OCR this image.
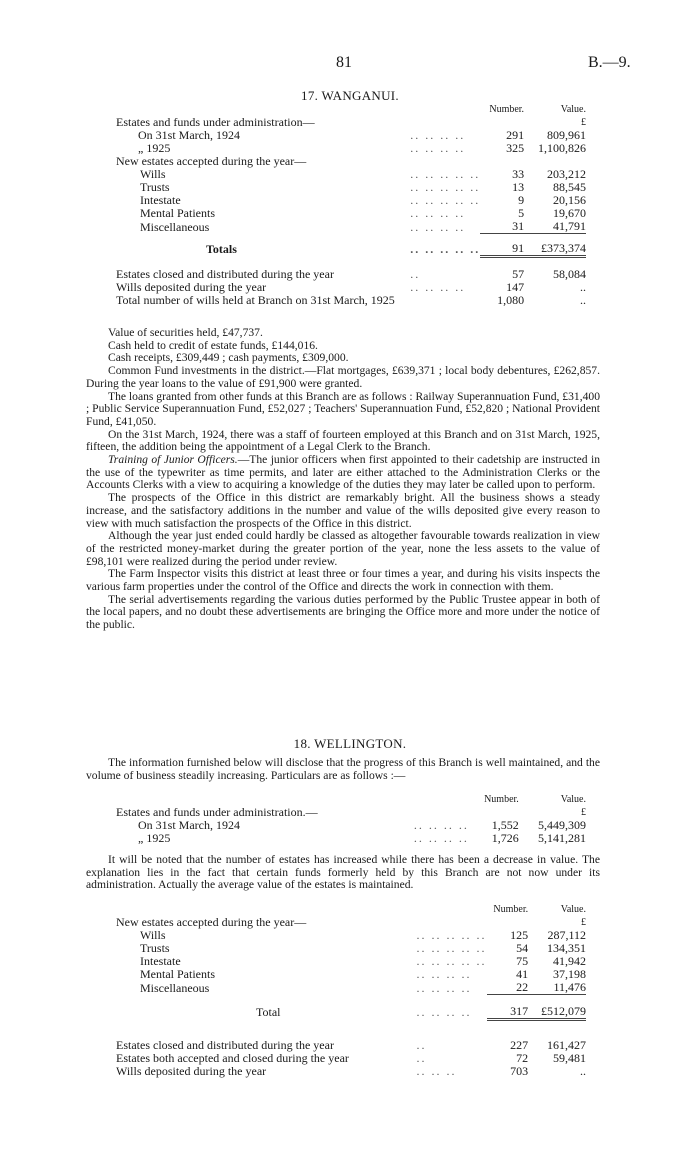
81	B.—9.
17. WANGANUI.
		Number.	Value.
Estates and funds under administration—			£
On 31st March, 1924	.. .. .. ..	291	809,961
„ 1925	.. .. .. ..	325	1,100,826
New estates accepted during the year—			
Wills	.. .. .. .. ..	33	203,212
Trusts	.. .. .. .. ..	13	88,545
Intestate	.. .. .. .. ..	9	20,156
Mental Patients	.. .. .. ..	5	19,670
Miscellaneous	.. .. .. ..	31	41,791

Totals	.. .. .. .. ..	91	£373,374

Estates closed and distributed during the year	..	57	58,084
Wills deposited during the year	.. .. .. ..	147	..
Total number of wills held at Branch on 31st March, 1925		1,080	..

Value of securities held, £47,737.

Cash held to credit of estate funds, £144,016.

Cash receipts, £309,449 ; cash payments, £309,000.

Common Fund investments in the district.—Flat mortgages, £639,371 ; local body debentures, £262,857. During the year loans to the value of £91,900 were granted.

The loans granted from other funds at this Branch are as follows : Railway Superannuation Fund, £31,400 ; Public Service Superannuation Fund, £52,027 ; Teachers' Superannuation Fund, £52,820 ; National Provident Fund, £41,050.

On the 31st March, 1924, there was a staff of fourteen employed at this Branch and on 31st March, 1925, fifteen, the addition being the appointment of a Legal Clerk to the Branch.

Training of Junior Officers.—The junior officers when first appointed to their cadetship are instructed in the use of the typewriter as time permits, and later are either attached to the Administration Clerks or the Accounts Clerks with a view to acquiring a knowledge of the duties they may later be called upon to perform.

The prospects of the Office in this district are remarkably bright. All the business shows a steady increase, and the satisfactory additions in the number and value of the wills deposited give every reason to view with much satisfaction the prospects of the Office in this district.

Although the year just ended could hardly be classed as altogether favourable towards realization in view of the restricted money-market during the greater portion of the year, none the less assets to the value of £98,101 were realized during the period under review.

The Farm Inspector visits this district at least three or four times a year, and during his visits inspects the various farm properties under the control of the Office and directs the work in connection with them.

The serial advertisements regarding the various duties performed by the Public Trustee appear in both of the local papers, and no doubt these advertisements are bringing the Office more and more under the notice of the public.

18. WELLINGTON.

The information furnished below will disclose that the progress of this Branch is well maintained, and the volume of business steadily increasing. Particulars are as follows :—

		Number.	Value.
Estates and funds under administration.—			£
On 31st March, 1924	.. .. .. ..	1,552	5,449,309
„ 1925	.. .. .. ..	1,726	5,141,281

It will be noted that the number of estates has increased while there has been a decrease in value. The explanation lies in the fact that certain funds formerly held by this Branch are not now under its administration. Actually the average value of the estates is maintained.

		Number.	Value.
New estates accepted during the year—			£
Wills	.. .. .. .. ..	125	287,112
Trusts	.. .. .. .. ..	54	134,351
Intestate	.. .. .. .. ..	75	41,942
Mental Patients	.. .. .. ..	41	37,198
Miscellaneous	.. .. .. ..	22	11,476

Total	.. .. .. ..	317	£512,079

Estates closed and distributed during the year	..	227	161,427
Estates both accepted and closed during the year	..	72	59,481
Wills deposited during the year	.. .. ..	703	..
